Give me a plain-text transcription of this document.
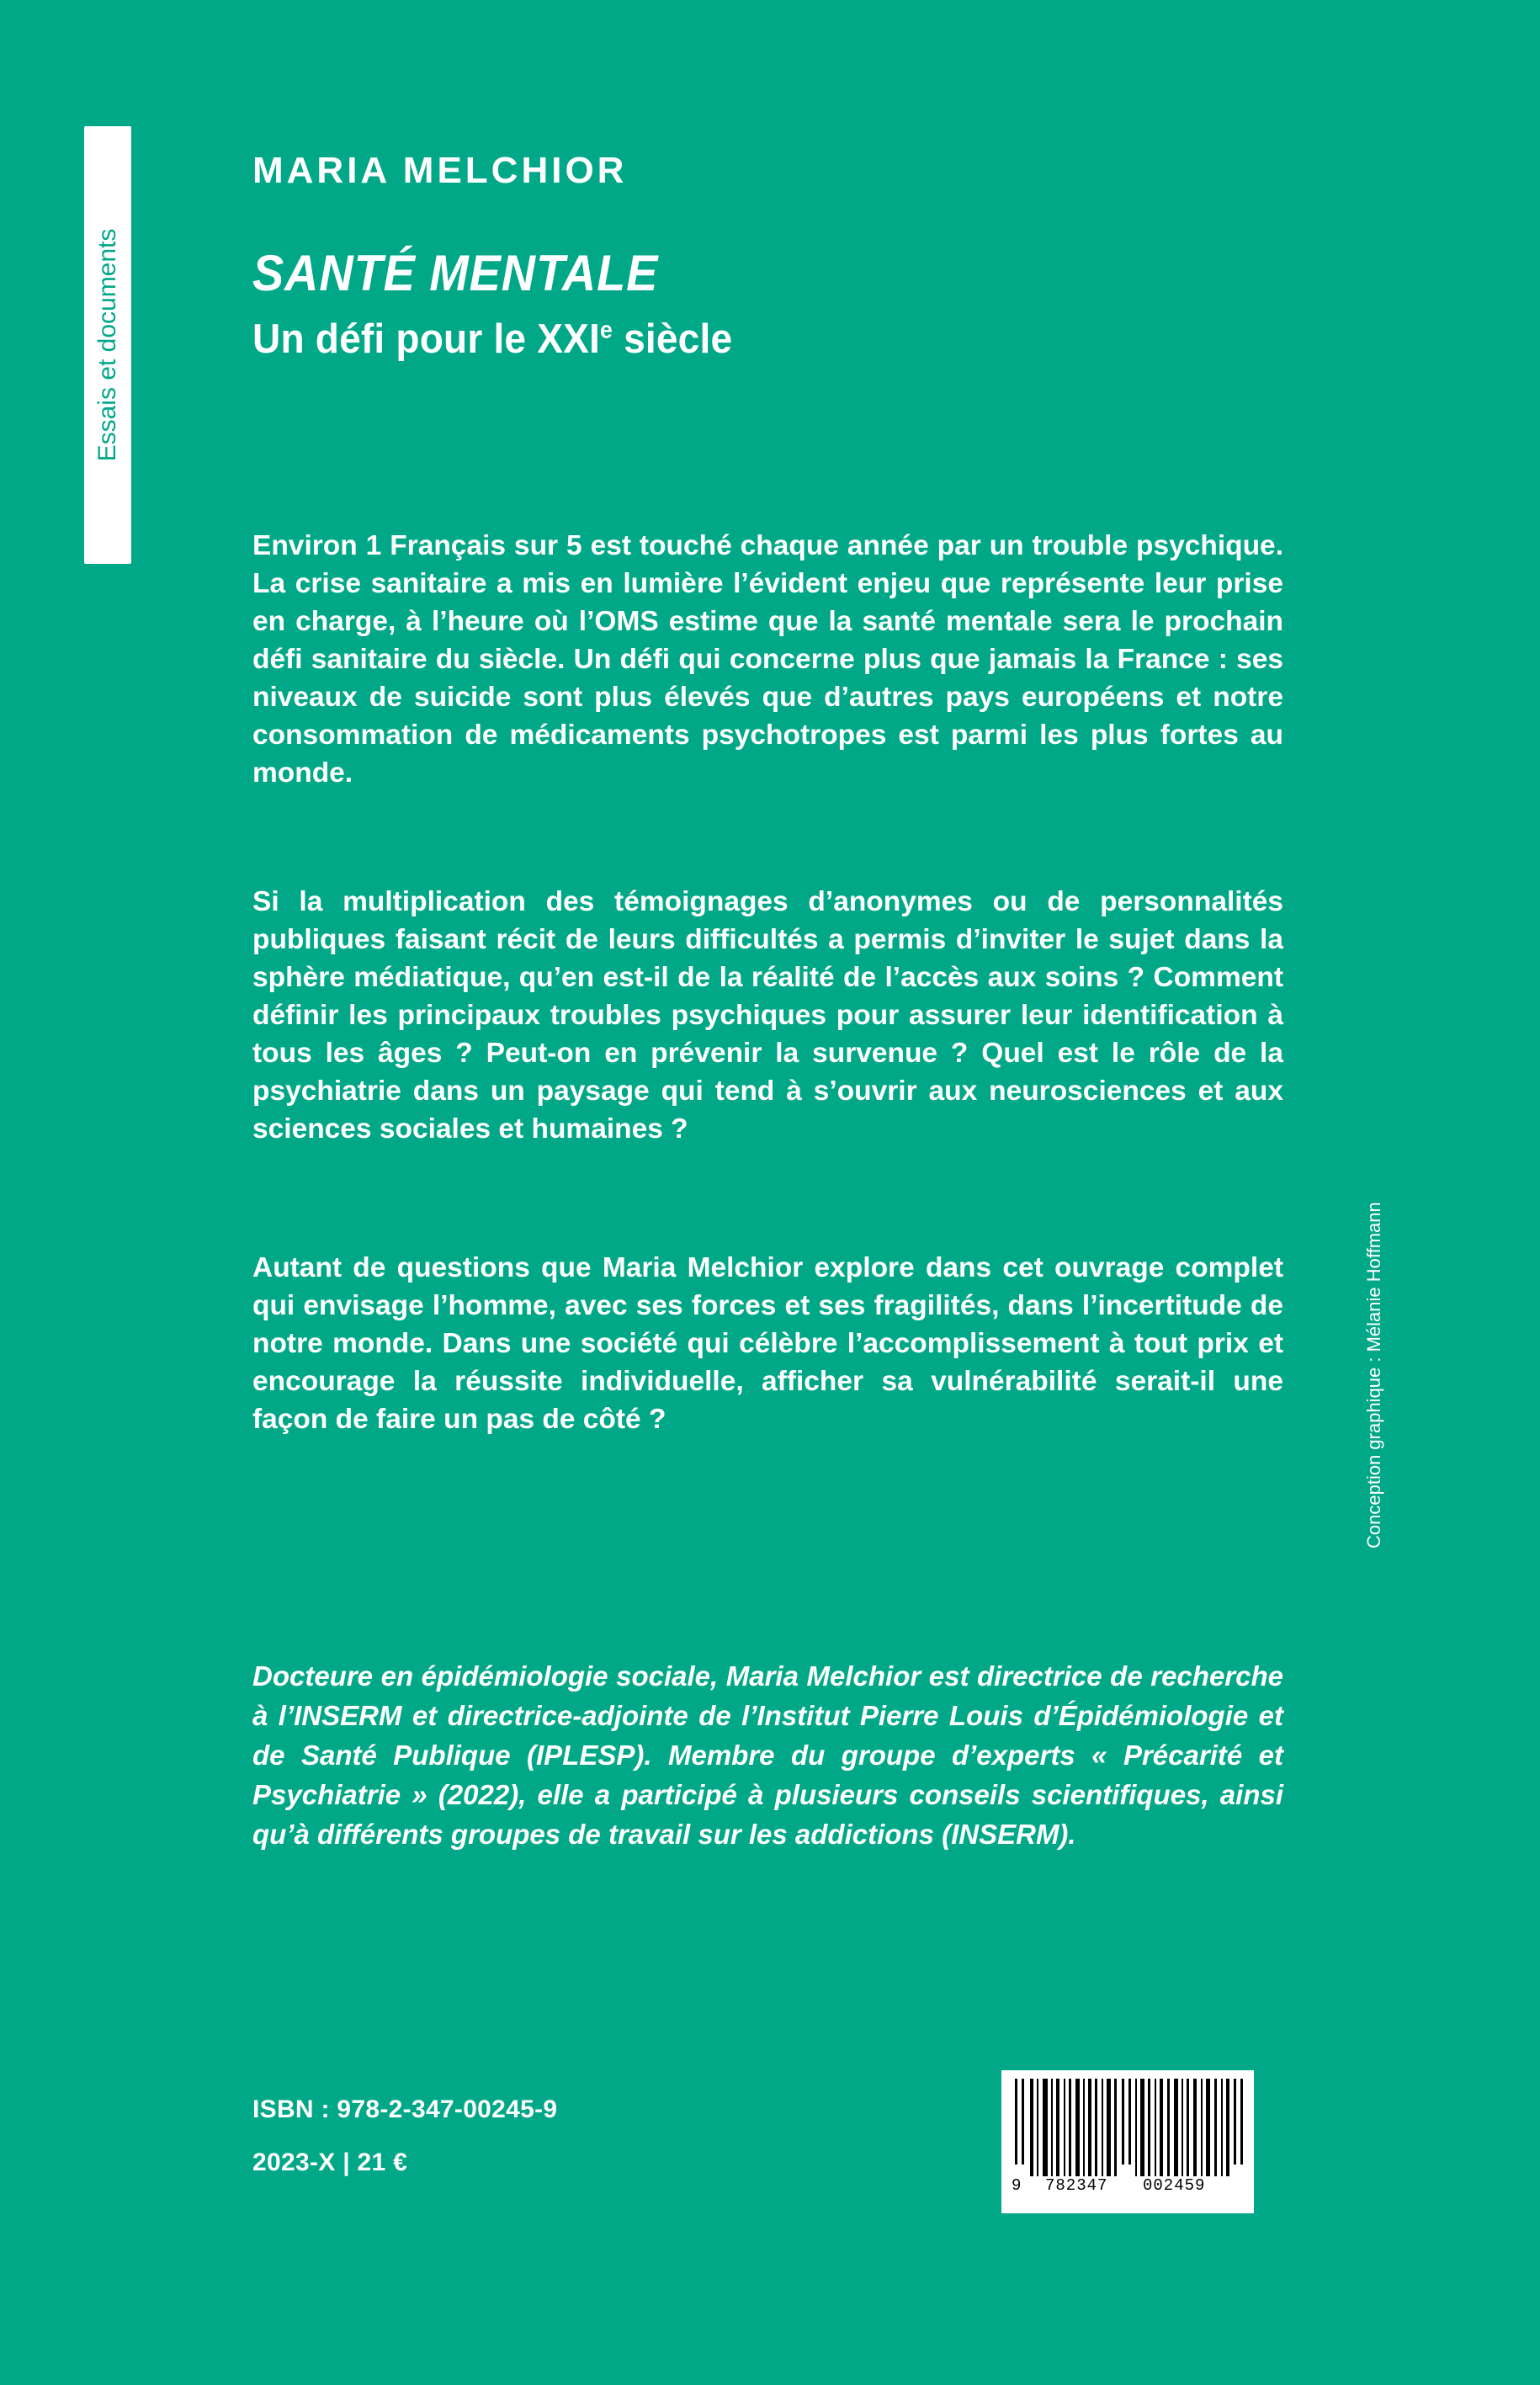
Essais et documents
MARIA MELCHIOR
SANTÉ MENTALE
Un défi pour le XXIe siècle

Environ 1 Français sur 5 est touché chaque année par un trouble psychique. La crise sanitaire a mis en lumière l’évident enjeu que représente leur prise en charge, à l’heure où l’OMS estime que la santé mentale sera le prochain défi sanitaire du siècle. Un défi qui concerne plus que jamais la France : ses niveaux de suicide sont plus élevés que d’autres pays européens et notre consommation de médicaments psychotropes est parmi les plus fortes au monde.

Si la multiplication des témoignages d’anonymes ou de personnalités publiques faisant récit de leurs difficultés a permis d’inviter le sujet dans la sphère médiatique, qu’en est-il de la réalité de l’accès aux soins ? Comment définir les principaux troubles psychiques pour assurer leur identification à tous les âges ? Peut-on en prévenir la survenue ? Quel est le rôle de la psychiatrie dans un paysage qui tend à s’ouvrir aux neurosciences et aux sciences sociales et humaines ?

Autant de questions que Maria Melchior explore dans cet ouvrage complet qui envisage l’homme, avec ses forces et ses fragilités, dans l’incertitude de notre monde. Dans une société qui célèbre l’accomplissement à tout prix et encourage la réussite individuelle, afficher sa vulnérabilité serait-il une façon de faire un pas de côté ?

Docteure en épidémiologie sociale, Maria Melchior est directrice de recherche à l’INSERM et directrice-adjointe de l’Institut Pierre Louis d’Épidémiologie et de Santé Publique (IPLESP). Membre du groupe d’experts « Précarité et Psychiatrie » (2022), elle a participé à plusieurs conseils scientifiques, ainsi qu’à différents groupes de travail sur les addictions (INSERM).

Conception graphique : Mélanie Hoffmann
ISBN : 978-2-347-00245-9
2023-X | 21 €
9 782347 002459
